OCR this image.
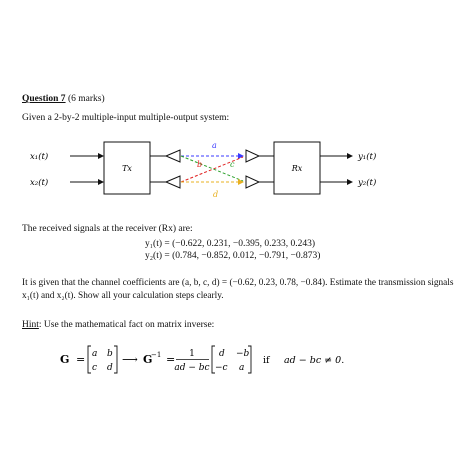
Question 7 (6 marks)
Given a 2-by-2 multiple-input multiple-output system:
x₁(t)
x₂(t)
Tx
a
b	c
d
Rx
y₁(t)
y₂(t)
The received signals at the receiver (Rx) are:
y₁(t) = (−0.622, 0.231, −0.395, 0.233, 0.243)
y₂(t) = (0.784, −0.852, 0.012, −0.791, −0.873)
It is given that the channel coefficients are (a, b, c, d) = (−0.62, 0.23, 0.78, −0.84). Estimate the transmission signals
x₁(t) and x₂(t). Show all your calculation steps clearly.
Hint: Use the mathematical fact on matrix inverse:
G = a b
c d
⟶ G
−1 = 1
ad − bc
d −b
−c a
if ad − bc ≠ 0.
